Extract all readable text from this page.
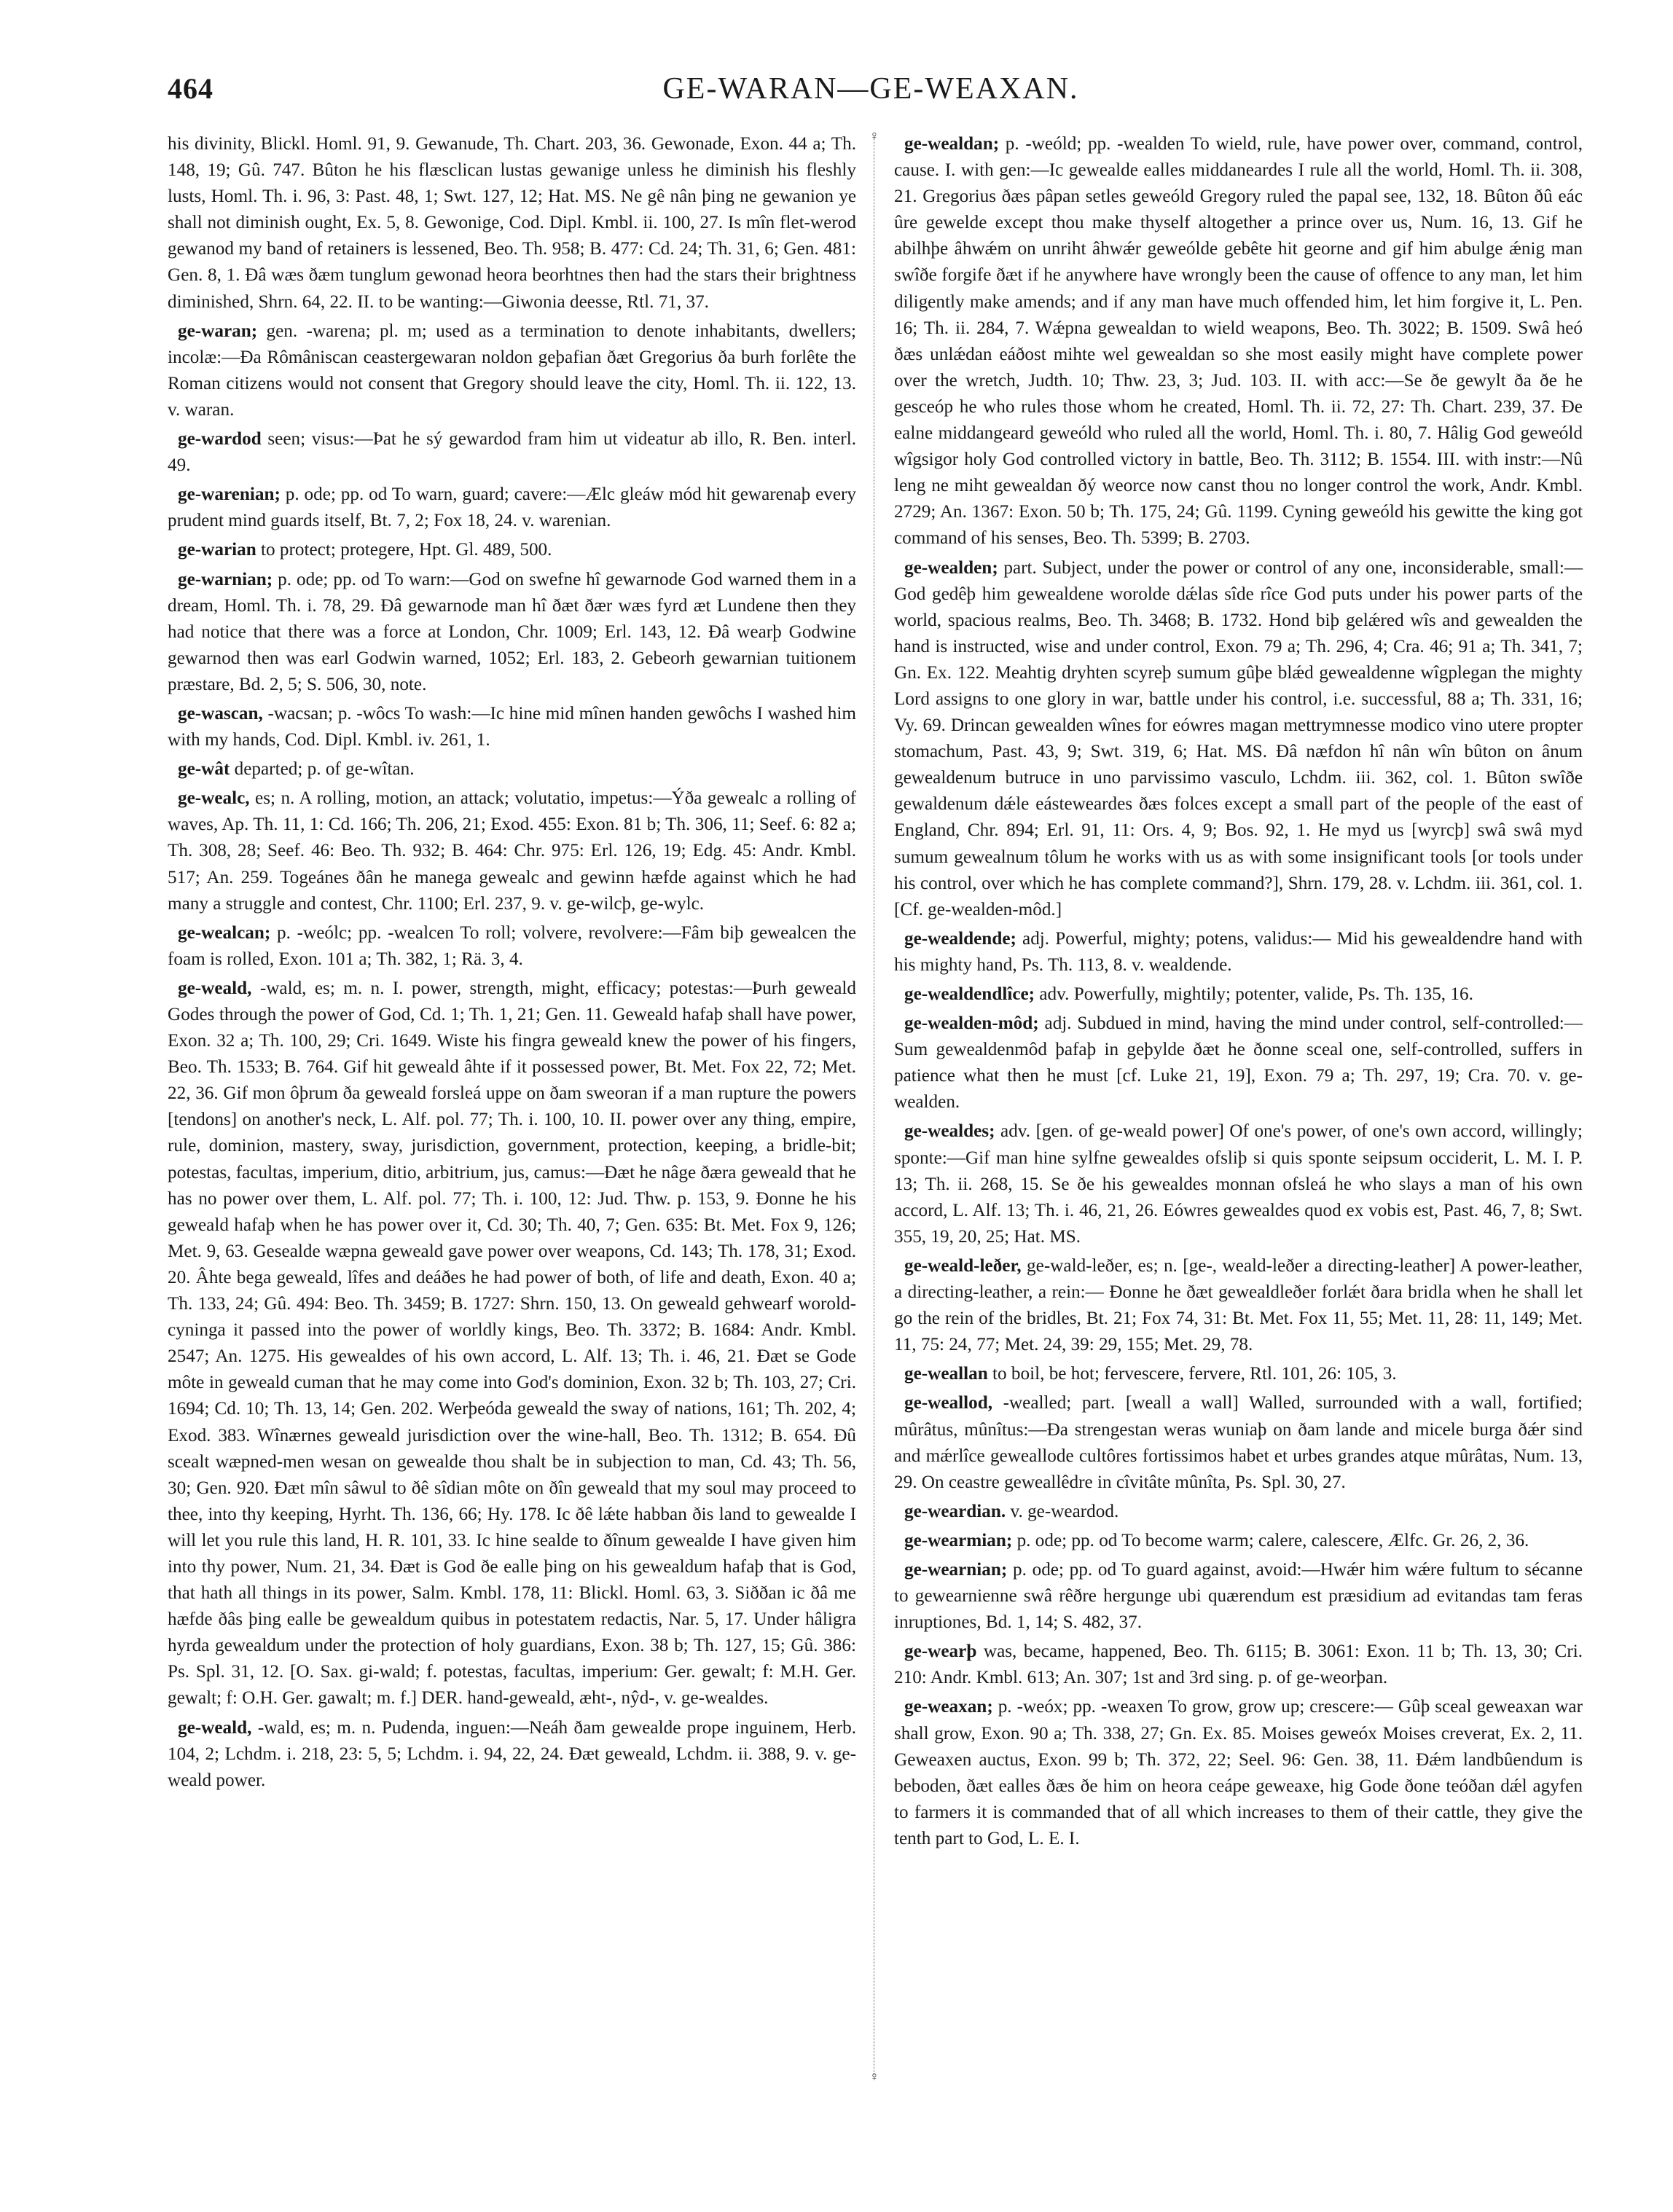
464	GE-WARAN—GE-WEAXAN.
♀
♀

his divinity, Blickl. Homl. 91, 9. Gewanude, Th. Chart. 203, 36. Gewonade, Exon. 44 a; Th. 148, 19; Gû. 747. Bûton he his flæsclican lustas gewanige unless he diminish his fleshly lusts, Homl. Th. i. 96, 3: Past. 48, 1; Swt. 127, 12; Hat. MS. Ne gê nân þing ne gewanion ye shall not diminish ought, Ex. 5, 8. Gewonige, Cod. Dipl. Kmbl. ii. 100, 27. Is mîn flet-werod gewanod my band of retainers is lessened, Beo. Th. 958; B. 477: Cd. 24; Th. 31, 6; Gen. 481: Gen. 8, 1. Ðâ wæs ðæm tunglum gewonad heora beorhtnes then had the stars their brightness diminished, Shrn. 64, 22. II. to be wanting:—Giwonia deesse, Rtl. 71, 37.

ge-waran; gen. -warena; pl. m; used as a termination to denote inhabitants, dwellers; incolæ:—Ða Rômâniscan ceastergewaran noldon geþafian ðæt Gregorius ða burh forlête the Roman citizens would not consent that Gregory should leave the city, Homl. Th. ii. 122, 13. v. waran.

ge-wardod seen; visus:—Þat he sý gewardod fram him ut videatur ab illo, R. Ben. interl. 49.

ge-warenian; p. ode; pp. od To warn, guard; cavere:—Ælc gleáw mód hit gewarenaþ every prudent mind guards itself, Bt. 7, 2; Fox 18, 24. v. warenian.

ge-warian to protect; protegere, Hpt. Gl. 489, 500.

ge-warnian; p. ode; pp. od To warn:—God on swefne hî gewarnode God warned them in a dream, Homl. Th. i. 78, 29. Ðâ gewarnode man hî ðæt ðær wæs fyrd æt Lundene then they had notice that there was a force at London, Chr. 1009; Erl. 143, 12. Ðâ wearþ Godwine gewarnod then was earl Godwin warned, 1052; Erl. 183, 2. Gebeorh gewarnian tuitionem præstare, Bd. 2, 5; S. 506, 30, note.

ge-wascan, -wacsan; p. -wôcs To wash:—Ic hine mid mînen handen gewôchs I washed him with my hands, Cod. Dipl. Kmbl. iv. 261, 1.

ge-wât departed; p. of ge-wîtan.

ge-wealc, es; n. A rolling, motion, an attack; volutatio, impetus:—Ýða gewealc a rolling of waves, Ap. Th. 11, 1: Cd. 166; Th. 206, 21; Exod. 455: Exon. 81 b; Th. 306, 11; Seef. 6: 82 a; Th. 308, 28; Seef. 46: Beo. Th. 932; B. 464: Chr. 975: Erl. 126, 19; Edg. 45: Andr. Kmbl. 517; An. 259. Togeánes ðân he manega gewealc and gewinn hæfde against which he had many a struggle and contest, Chr. 1100; Erl. 237, 9. v. ge-wilcþ, ge-wylc.

ge-wealcan; p. -weólc; pp. -wealcen To roll; volvere, revolvere:—Fâm biþ gewealcen the foam is rolled, Exon. 101 a; Th. 382, 1; Rä. 3, 4.

ge-weald, -wald, es; m. n. I. power, strength, might, efficacy; potestas:—Þurh geweald Godes through the power of God, Cd. 1; Th. 1, 21; Gen. 11. Geweald hafaþ shall have power, Exon. 32 a; Th. 100, 29; Cri. 1649. Wiste his fingra geweald knew the power of his fingers, Beo. Th. 1533; B. 764. Gif hit geweald âhte if it possessed power, Bt. Met. Fox 22, 72; Met. 22, 36. Gif mon ôþrum ða geweald forsleá uppe on ðam sweoran if a man rupture the powers [tendons] on another's neck, L. Alf. pol. 77; Th. i. 100, 10. II. power over any thing, empire, rule, dominion, mastery, sway, jurisdiction, government, protection, keeping, a bridle-bit; potestas, facultas, imperium, ditio, arbitrium, jus, camus:—Ðæt he nâge ðæra geweald that he has no power over them, L. Alf. pol. 77; Th. i. 100, 12: Jud. Thw. p. 153, 9. Ðonne he his geweald hafaþ when he has power over it, Cd. 30; Th. 40, 7; Gen. 635: Bt. Met. Fox 9, 126; Met. 9, 63. Gesealde wæpna geweald gave power over weapons, Cd. 143; Th. 178, 31; Exod. 20. Âhte bega geweald, lîfes and deáðes he had power of both, of life and death, Exon. 40 a; Th. 133, 24; Gû. 494: Beo. Th. 3459; B. 1727: Shrn. 150, 13. On geweald gehwearf worold-cyninga it passed into the power of worldly kings, Beo. Th. 3372; B. 1684: Andr. Kmbl. 2547; An. 1275. His gewealdes of his own accord, L. Alf. 13; Th. i. 46, 21. Ðæt se Gode môte in geweald cuman that he may come into God's dominion, Exon. 32 b; Th. 103, 27; Cri. 1694; Cd. 10; Th. 13, 14; Gen. 202. Werþeóda geweald the sway of nations, 161; Th. 202, 4; Exod. 383. Wînærnes geweald jurisdiction over the wine-hall, Beo. Th. 1312; B. 654. Ðû scealt wæpned-men wesan on gewealde thou shalt be in subjection to man, Cd. 43; Th. 56, 30; Gen. 920. Ðæt mîn sâwul to ðê sîdian môte on ðîn geweald that my soul may proceed to thee, into thy keeping, Hyrht. Th. 136, 66; Hy. 178. Ic ðê lǽte habban ðis land to gewealde I will let you rule this land, H. R. 101, 33. Ic hine sealde to ðînum gewealde I have given him into thy power, Num. 21, 34. Ðæt is God ðe ealle þing on his gewealdum hafaþ that is God, that hath all things in its power, Salm. Kmbl. 178, 11: Blickl. Homl. 63, 3. Siððan ic ðâ me hæfde ðâs þing ealle be gewealdum quibus in potestatem redactis, Nar. 5, 17. Under hâligra hyrda gewealdum under the protection of holy guardians, Exon. 38 b; Th. 127, 15; Gû. 386: Ps. Spl. 31, 12. [O. Sax. gi-wald; f. potestas, facultas, imperium: Ger. gewalt; f: M.H. Ger. gewalt; f: O.H. Ger. gawalt; m. f.] DER. hand-geweald, æht-, nŷd-, v. ge-wealdes.

ge-weald, -wald, es; m. n. Pudenda, inguen:—Neáh ðam gewealde prope inguinem, Herb. 104, 2; Lchdm. i. 218, 23: 5, 5; Lchdm. i. 94, 22, 24. Ðæt geweald, Lchdm. ii. 388, 9. v. ge-weald power.

ge-wealdan; p. -weóld; pp. -wealden To wield, rule, have power over, command, control, cause. I. with gen:—Ic gewealde ealles middaneardes I rule all the world, Homl. Th. ii. 308, 21. Gregorius ðæs pâpan setles geweóld Gregory ruled the papal see, 132, 18. Bûton ðû eác ûre gewelde except thou make thyself altogether a prince over us, Num. 16, 13. Gif he abilhþe âhwǽm on unriht âhwǽr geweólde gebête hit georne and gif him abulge ǽnig man swîðe forgife ðæt if he anywhere have wrongly been the cause of offence to any man, let him diligently make amends; and if any man have much offended him, let him forgive it, L. Pen. 16; Th. ii. 284, 7. Wǽpna gewealdan to wield weapons, Beo. Th. 3022; B. 1509. Swâ heó ðæs unlǽdan eáðost mihte wel gewealdan so she most easily might have complete power over the wretch, Judth. 10; Thw. 23, 3; Jud. 103. II. with acc:—Se ðe gewylt ða ðe he gesceóp he who rules those whom he created, Homl. Th. ii. 72, 27: Th. Chart. 239, 37. Ðe ealne middangeard geweóld who ruled all the world, Homl. Th. i. 80, 7. Hâlig God geweóld wîgsigor holy God controlled victory in battle, Beo. Th. 3112; B. 1554. III. with instr:—Nû leng ne miht gewealdan ðý weorce now canst thou no longer control the work, Andr. Kmbl. 2729; An. 1367: Exon. 50 b; Th. 175, 24; Gû. 1199. Cyning geweóld his gewitte the king got command of his senses, Beo. Th. 5399; B. 2703.

ge-wealden; part. Subject, under the power or control of any one, inconsiderable, small:—God gedêþ him gewealdene worolde dǽlas sîde rîce God puts under his power parts of the world, spacious realms, Beo. Th. 3468; B. 1732. Hond biþ gelǽred wîs and gewealden the hand is instructed, wise and under control, Exon. 79 a; Th. 296, 4; Cra. 46; 91 a; Th. 341, 7; Gn. Ex. 122. Meahtig dryhten scyreþ sumum gûþe blǽd gewealdenne wîgplegan the mighty Lord assigns to one glory in war, battle under his control, i.e. successful, 88 a; Th. 331, 16; Vy. 69. Drincan gewealden wînes for eówres magan mettrymnesse modico vino utere propter stomachum, Past. 43, 9; Swt. 319, 6; Hat. MS. Ðâ næfdon hî nân wîn bûton on ânum gewealdenum butruce in uno parvissimo vasculo, Lchdm. iii. 362, col. 1. Bûton swîðe gewaldenum dǽle eásteweardes ðæs folces except a small part of the people of the east of England, Chr. 894; Erl. 91, 11: Ors. 4, 9; Bos. 92, 1. He myd us [wyrcþ] swâ swâ myd sumum gewealnum tôlum he works with us as with some insignificant tools [or tools under his control, over which he has complete command?], Shrn. 179, 28. v. Lchdm. iii. 361, col. 1. [Cf. ge-wealden-môd.]

ge-wealdende; adj. Powerful, mighty; potens, validus:— Mid his gewealdendre hand with his mighty hand, Ps. Th. 113, 8. v. wealdende.

ge-wealdendlîce; adv. Powerfully, mightily; potenter, valide, Ps. Th. 135, 16.

ge-wealden-môd; adj. Subdued in mind, having the mind under control, self-controlled:—Sum gewealdenmôd þafaþ in geþylde ðæt he ðonne sceal one, self-controlled, suffers in patience what then he must [cf. Luke 21, 19], Exon. 79 a; Th. 297, 19; Cra. 70. v. ge-wealden.

ge-wealdes; adv. [gen. of ge-weald power] Of one's power, of one's own accord, willingly; sponte:—Gif man hine sylfne gewealdes ofsliþ si quis sponte seipsum occiderit, L. M. I. P. 13; Th. ii. 268, 15. Se ðe his gewealdes monnan ofsleá he who slays a man of his own accord, L. Alf. 13; Th. i. 46, 21, 26. Eówres gewealdes quod ex vobis est, Past. 46, 7, 8; Swt. 355, 19, 20, 25; Hat. MS.

ge-weald-leðer, ge-wald-leðer, es; n. [ge-, weald-leðer a directing-leather] A power-leather, a directing-leather, a rein:— Ðonne he ðæt gewealdleðer forlǽt ðara bridla when he shall let go the rein of the bridles, Bt. 21; Fox 74, 31: Bt. Met. Fox 11, 55; Met. 11, 28: 11, 149; Met. 11, 75: 24, 77; Met. 24, 39: 29, 155; Met. 29, 78.

ge-weallan to boil, be hot; fervescere, fervere, Rtl. 101, 26: 105, 3.

ge-weallod, -wealled; part. [weall a wall] Walled, surrounded with a wall, fortified; mûrâtus, mûnîtus:—Ða strengestan weras wuniaþ on ðam lande and micele burga ðǽr sind and mǽrlîce geweallode cultôres fortissimos habet et urbes grandes atque mûrâtas, Num. 13, 29. On ceastre geweallêdre in cîvitâte mûnîta, Ps. Spl. 30, 27.

ge-weardian. v. ge-weardod.

ge-wearmian; p. ode; pp. od To become warm; calere, calescere, Ælfc. Gr. 26, 2, 36.

ge-wearnian; p. ode; pp. od To guard against, avoid:—Hwǽr him wǽre fultum to sécanne to gewearnienne swâ rêðre hergunge ubi quærendum est præsidium ad evitandas tam feras inruptiones, Bd. 1, 14; S. 482, 37.

ge-wearþ was, became, happened, Beo. Th. 6115; B. 3061: Exon. 11 b; Th. 13, 30; Cri. 210: Andr. Kmbl. 613; An. 307; 1st and 3rd sing. p. of ge-weorþan.

ge-weaxan; p. -weóx; pp. -weaxen To grow, grow up; crescere:— Gûþ sceal geweaxan war shall grow, Exon. 90 a; Th. 338, 27; Gn. Ex. 85. Moises geweóx Moises creverat, Ex. 2, 11. Geweaxen auctus, Exon. 99 b; Th. 372, 22; Seel. 96: Gen. 38, 11. Ðǽm landbûendum is beboden, ðæt ealles ðæs ðe him on heora ceápe geweaxe, hig Gode ðone teóðan dǽl agyfen to farmers it is commanded that of all which increases to them of their cattle, they give the tenth part to God, L. E. I.
